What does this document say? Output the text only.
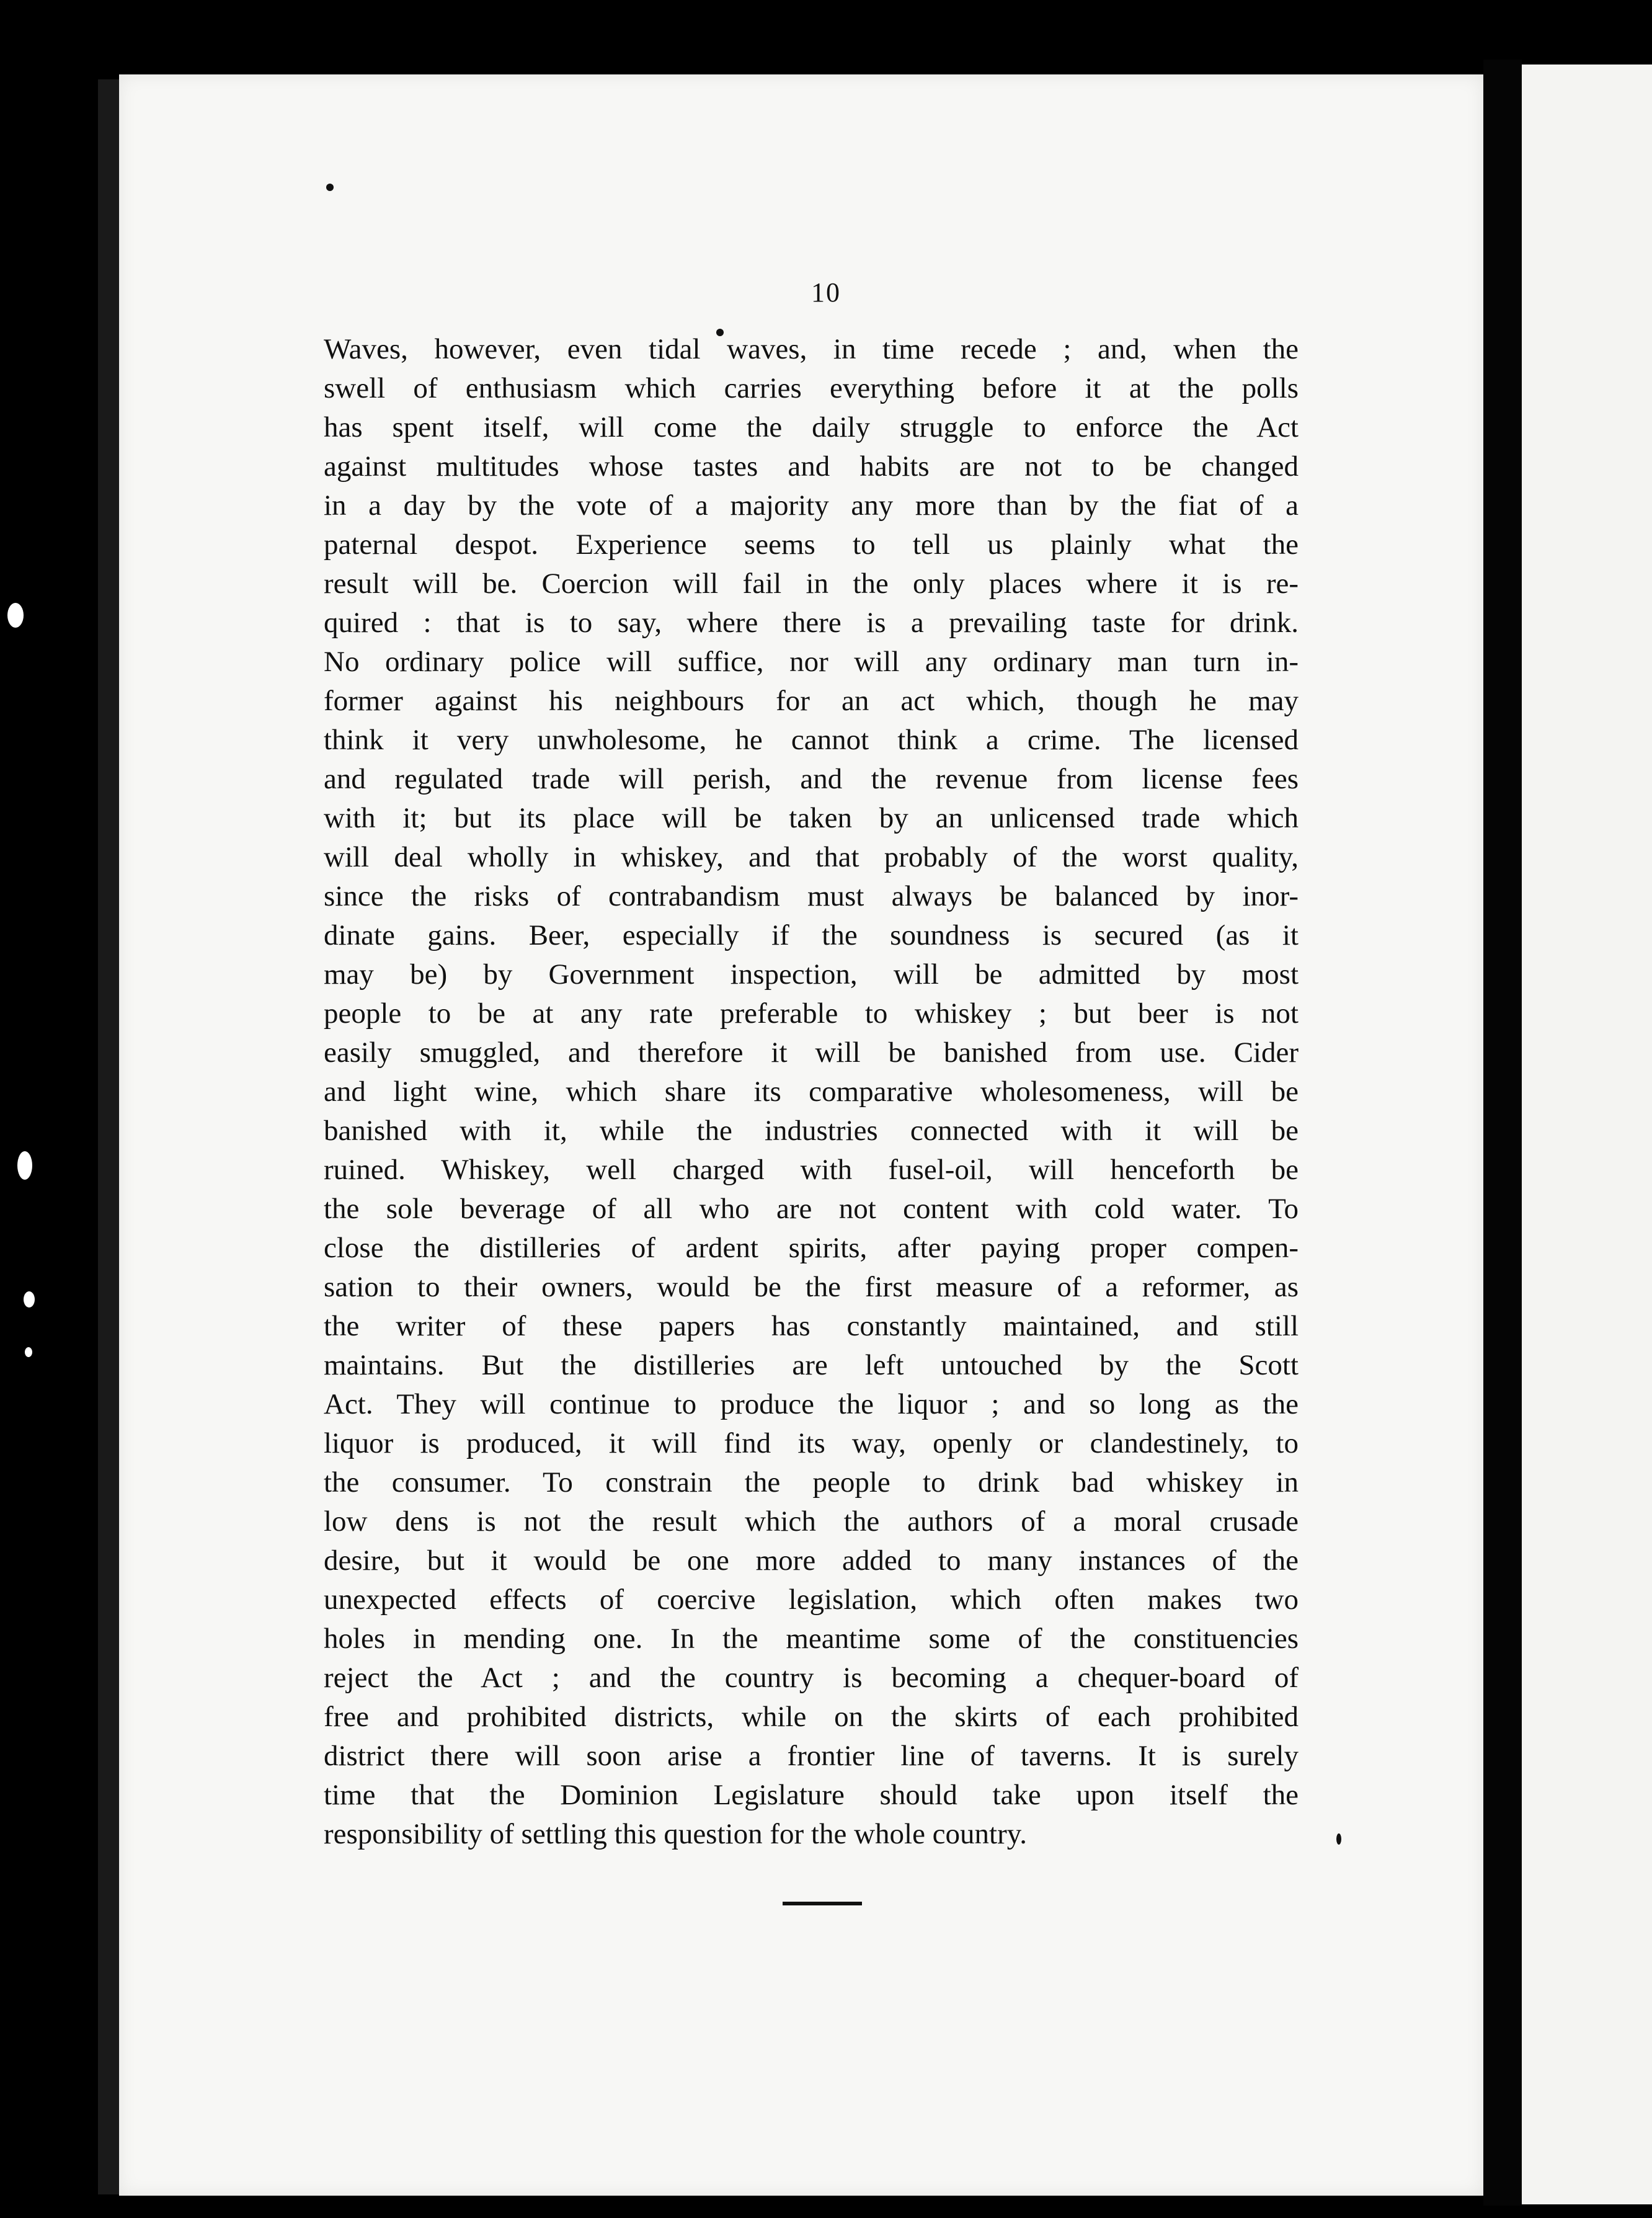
10
Waves, however, even tidal waves, in time recede ; and, when the
swell of enthusiasm which carries everything before it at the polls
has spent itself, will come the daily struggle to enforce the Act
against multitudes whose tastes and habits are not to be changed
in a day by the vote of a majority any more than by the fiat of a
paternal despot. Experience seems to tell us plainly what the
result will be. Coercion will fail in the only places where it is re-
quired : that is to say, where there is a prevailing taste for drink.
No ordinary police will suffice, nor will any ordinary man turn in-
former against his neighbours for an act which, though he may
think it very unwholesome, he cannot think a crime. The licensed
and regulated trade will perish, and the revenue from license fees
with it; but its place will be taken by an unlicensed trade which
will deal wholly in whiskey, and that probably of the worst quality,
since the risks of contrabandism must always be balanced by inor-
dinate gains. Beer, especially if the soundness is secured (as it
may be) by Government inspection, will be admitted by most
people to be at any rate preferable to whiskey ; but beer is not
easily smuggled, and therefore it will be banished from use. Cider
and light wine, which share its comparative wholesomeness, will be
banished with it, while the industries connected with it will be
ruined. Whiskey, well charged with fusel-oil, will henceforth be
the sole beverage of all who are not content with cold water. To
close the distilleries of ardent spirits, after paying proper compen-
sation to their owners, would be the first measure of a reformer, as
the writer of these papers has constantly maintained, and still
maintains. But the distilleries are left untouched by the Scott
Act. They will continue to produce the liquor ; and so long as the
liquor is produced, it will find its way, openly or clandestinely, to
the consumer. To constrain the people to drink bad whiskey in
low dens is not the result which the authors of a moral crusade
desire, but it would be one more added to many instances of the
unexpected effects of coercive legislation, which often makes two
holes in mending one. In the meantime some of the constituencies
reject the Act ; and the country is becoming a chequer-board of
free and prohibited districts, while on the skirts of each prohibited
district there will soon arise a frontier line of taverns. It is surely
time that the Dominion Legislature should take upon itself the
responsibility of settling this question for the whole country.
